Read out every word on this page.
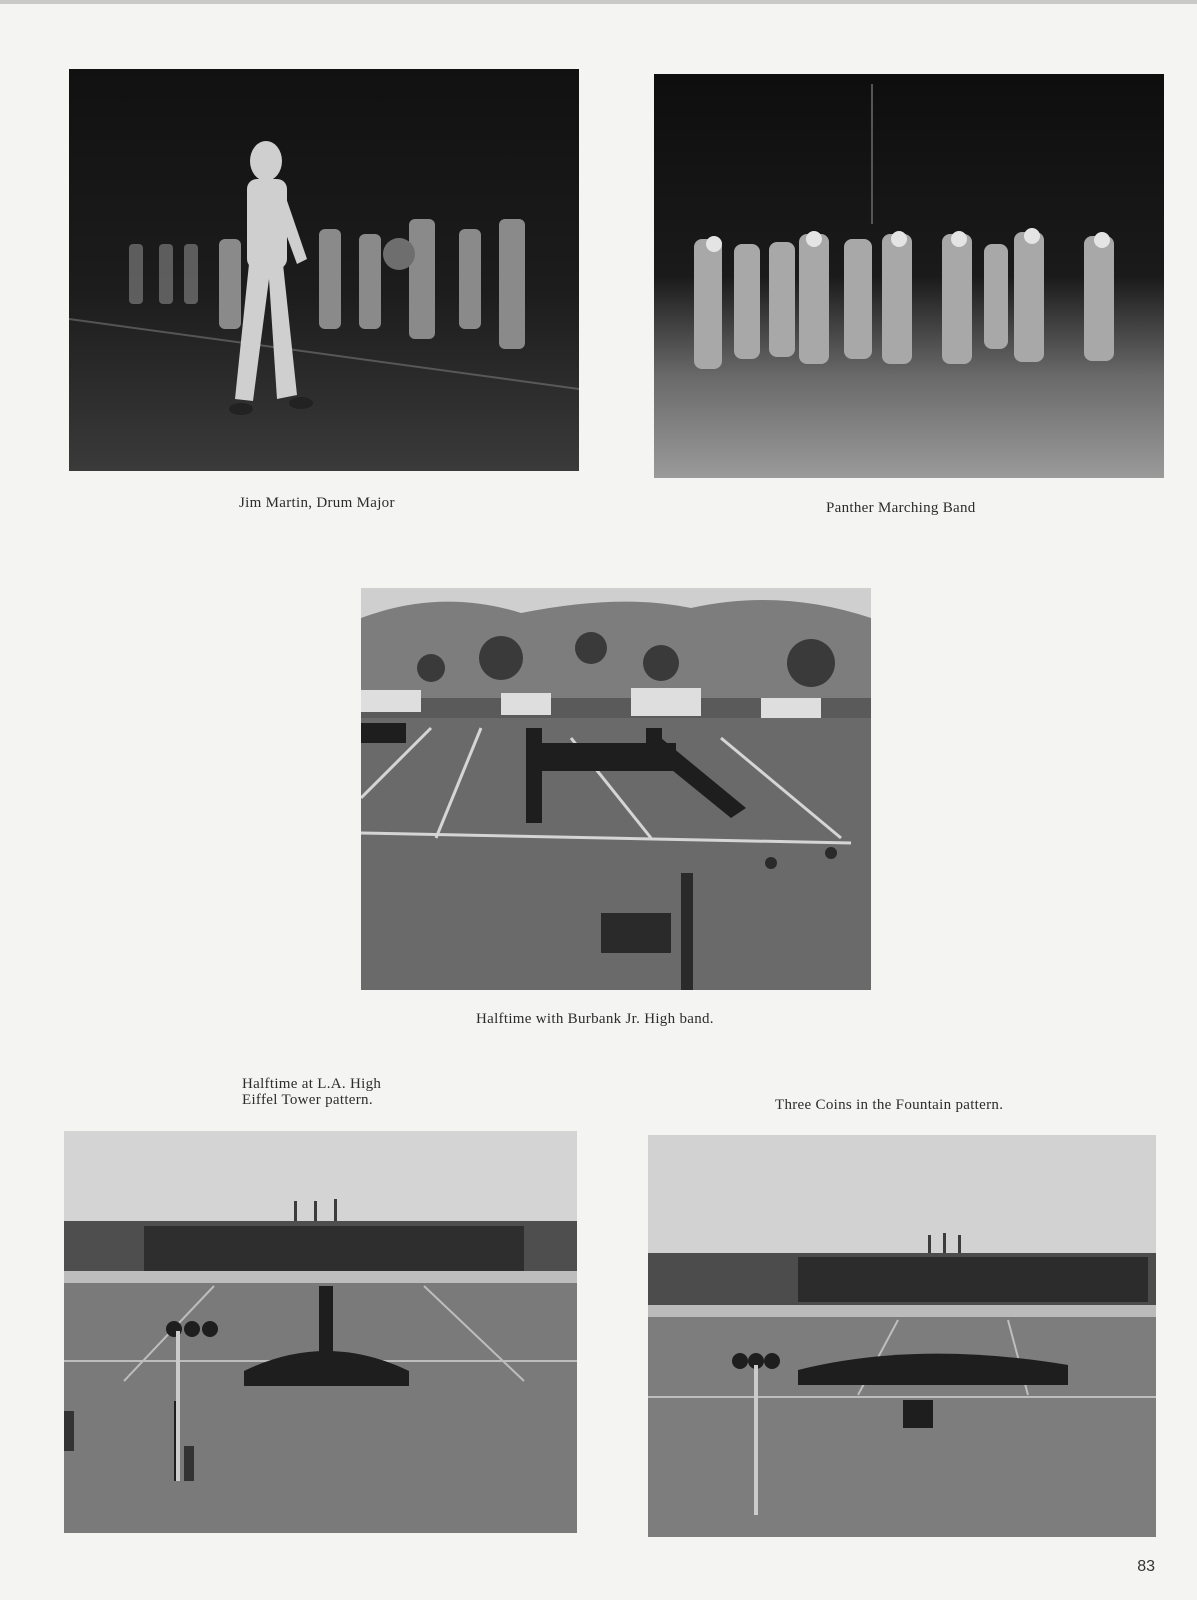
Jim Martin, Drum Major	Panther Marching Band
Halftime with Burbank Jr. High band.
Halftime at L.A. High
Eiffel Tower pattern.	Three Coins in the Fountain pattern.
83
